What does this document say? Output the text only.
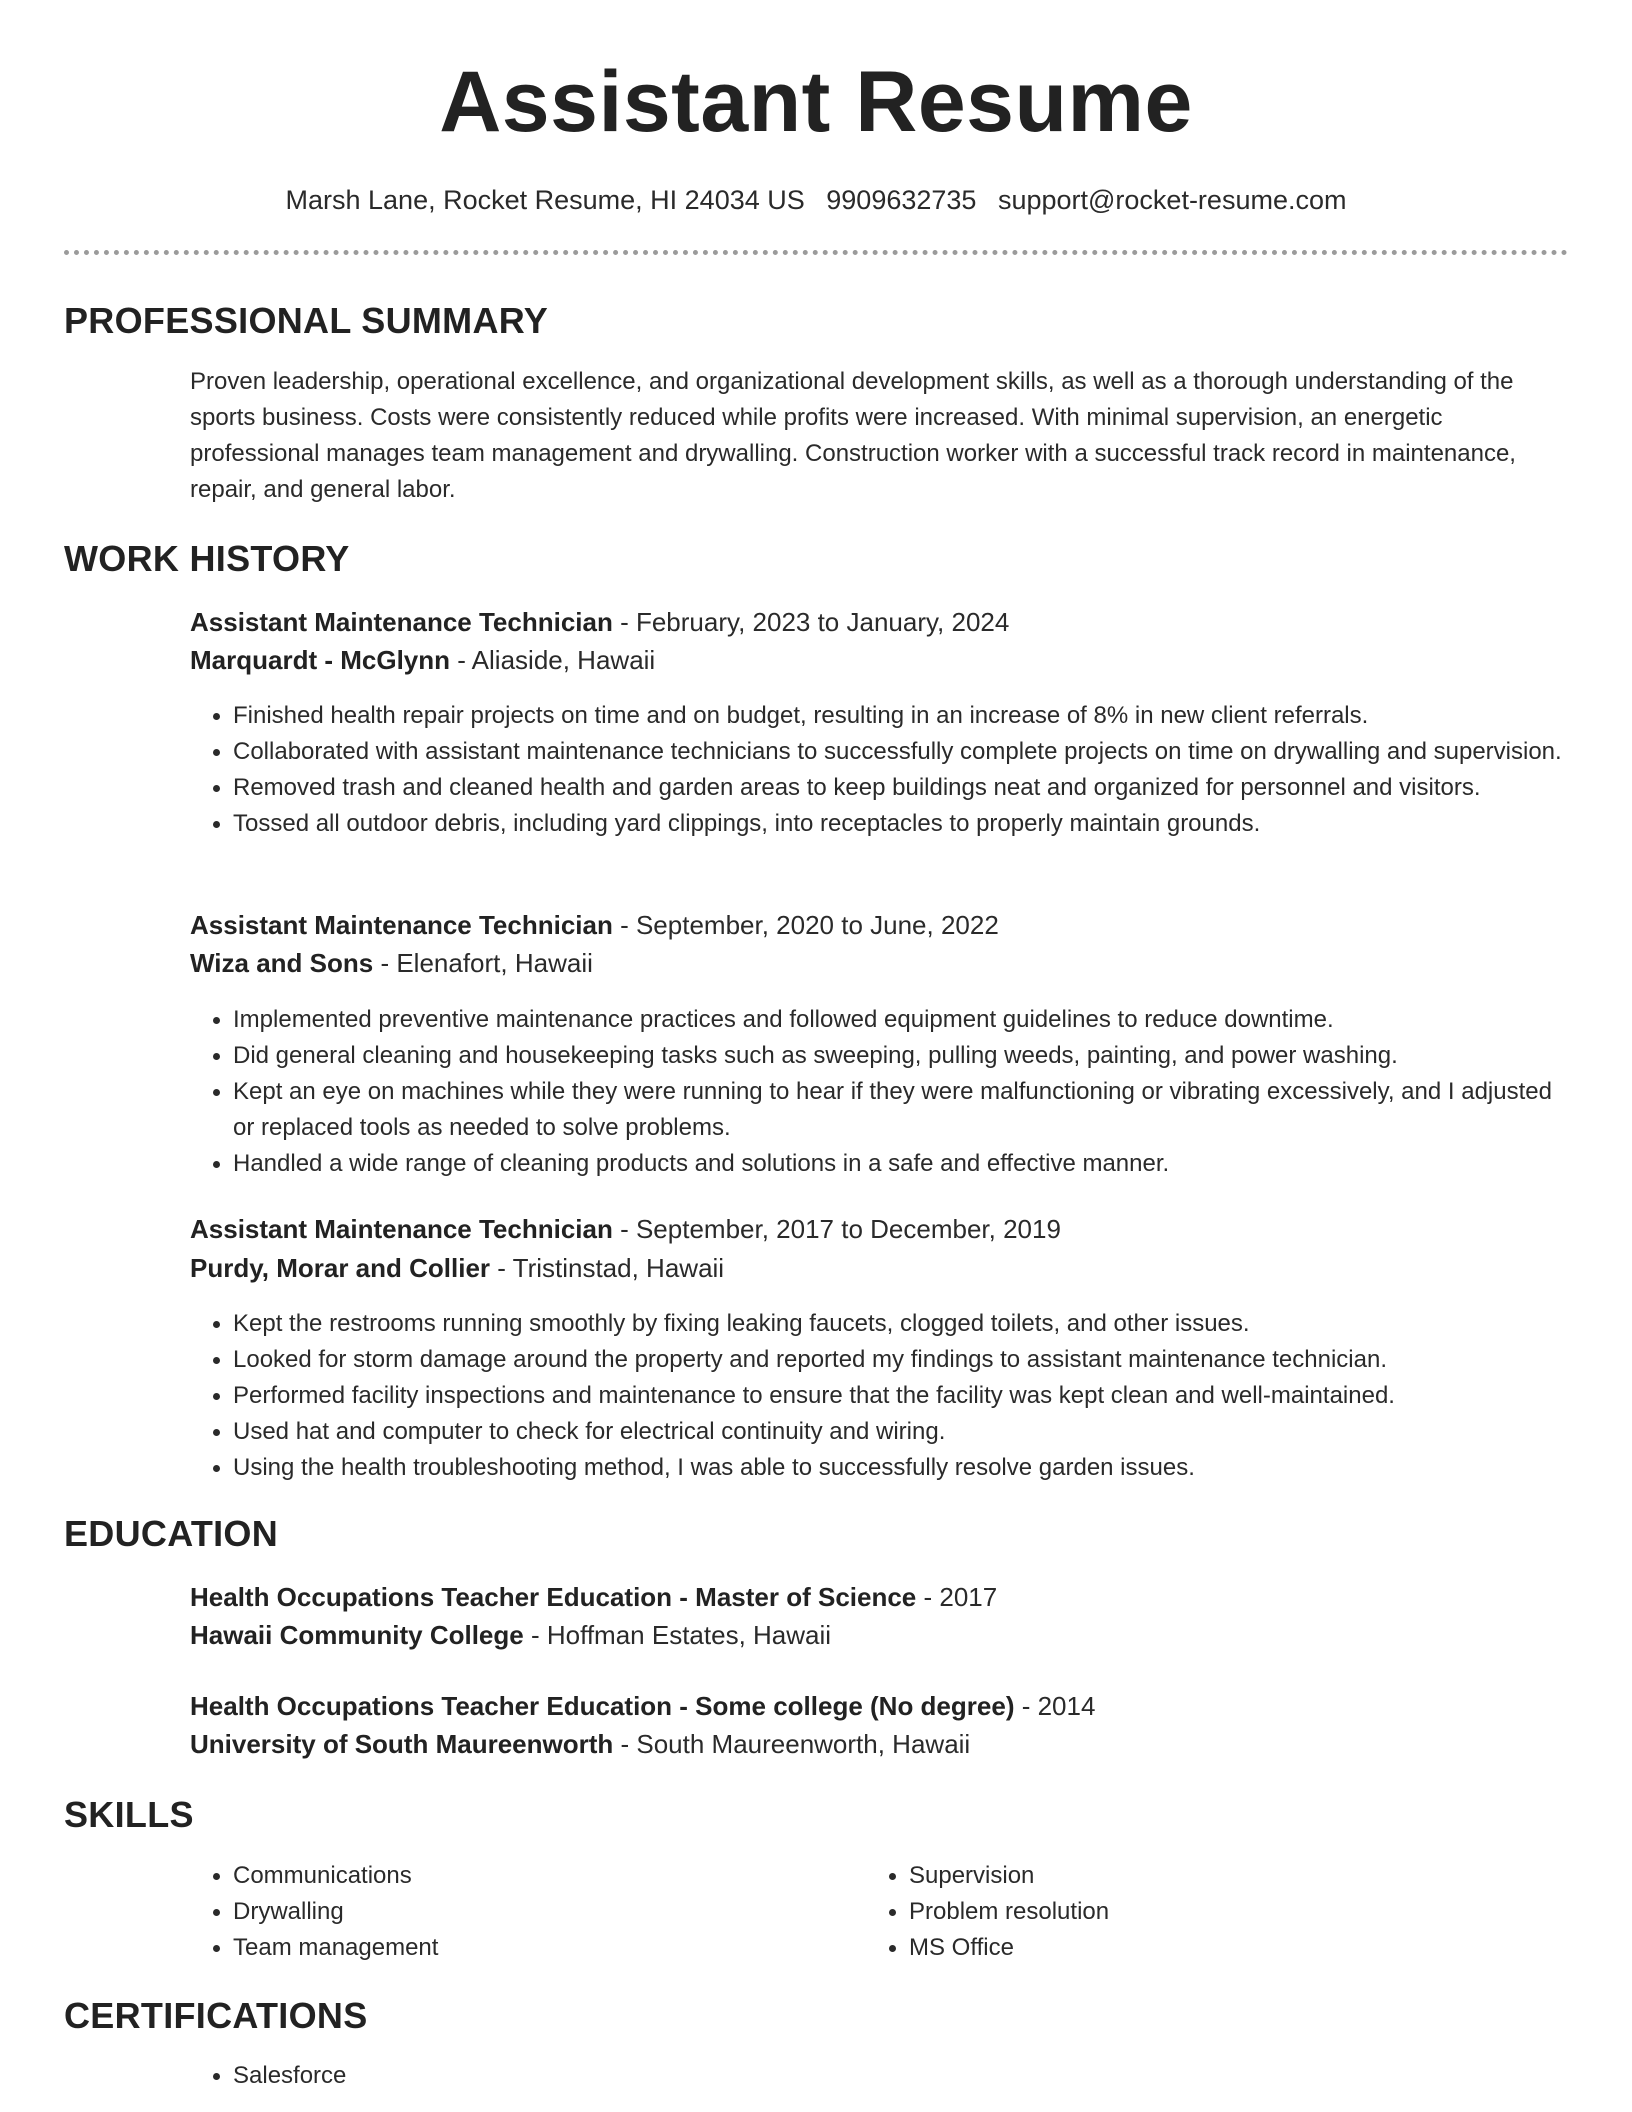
Assistant Resume
Marsh Lane, Rocket Resume, HI 24034 US 9909632735 support@rocket-resume.com
PROFESSIONAL SUMMARY
Proven leadership, operational excellence, and organizational development skills, as well as a thorough understanding of the sports business. Costs were consistently reduced while profits were increased. With minimal supervision, an energetic professional manages team management and drywalling. Construction worker with a successful track record in maintenance, repair, and general labor.
WORK HISTORY
Assistant Maintenance Technician - February, 2023 to January, 2024
Marquardt - McGlynn - Aliaside, Hawaii
• Finished health repair projects on time and on budget, resulting in an increase of 8% in new client referrals.
• Collaborated with assistant maintenance technicians to successfully complete projects on time on drywalling and supervision.
• Removed trash and cleaned health and garden areas to keep buildings neat and organized for personnel and visitors.
• Tossed all outdoor debris, including yard clippings, into receptacles to properly maintain grounds.
Assistant Maintenance Technician - September, 2020 to June, 2022
Wiza and Sons - Elenafort, Hawaii
• Implemented preventive maintenance practices and followed equipment guidelines to reduce downtime.
• Did general cleaning and housekeeping tasks such as sweeping, pulling weeds, painting, and power washing.
• Kept an eye on machines while they were running to hear if they were malfunctioning or vibrating excessively, and I adjusted or replaced tools as needed to solve problems.
• Handled a wide range of cleaning products and solutions in a safe and effective manner.
Assistant Maintenance Technician - September, 2017 to December, 2019
Purdy, Morar and Collier - Tristinstad, Hawaii
• Kept the restrooms running smoothly by fixing leaking faucets, clogged toilets, and other issues.
• Looked for storm damage around the property and reported my findings to assistant maintenance technician.
• Performed facility inspections and maintenance to ensure that the facility was kept clean and well-maintained.
• Used hat and computer to check for electrical continuity and wiring.
• Using the health troubleshooting method, I was able to successfully resolve garden issues.
EDUCATION
Health Occupations Teacher Education - Master of Science - 2017
Hawaii Community College - Hoffman Estates, Hawaii
Health Occupations Teacher Education - Some college (No degree) - 2014
University of South Maureenworth - South Maureenworth, Hawaii
SKILLS
• Communications
• Drywalling
• Team management
• Supervision
• Problem resolution
• MS Office
CERTIFICATIONS
• Salesforce
